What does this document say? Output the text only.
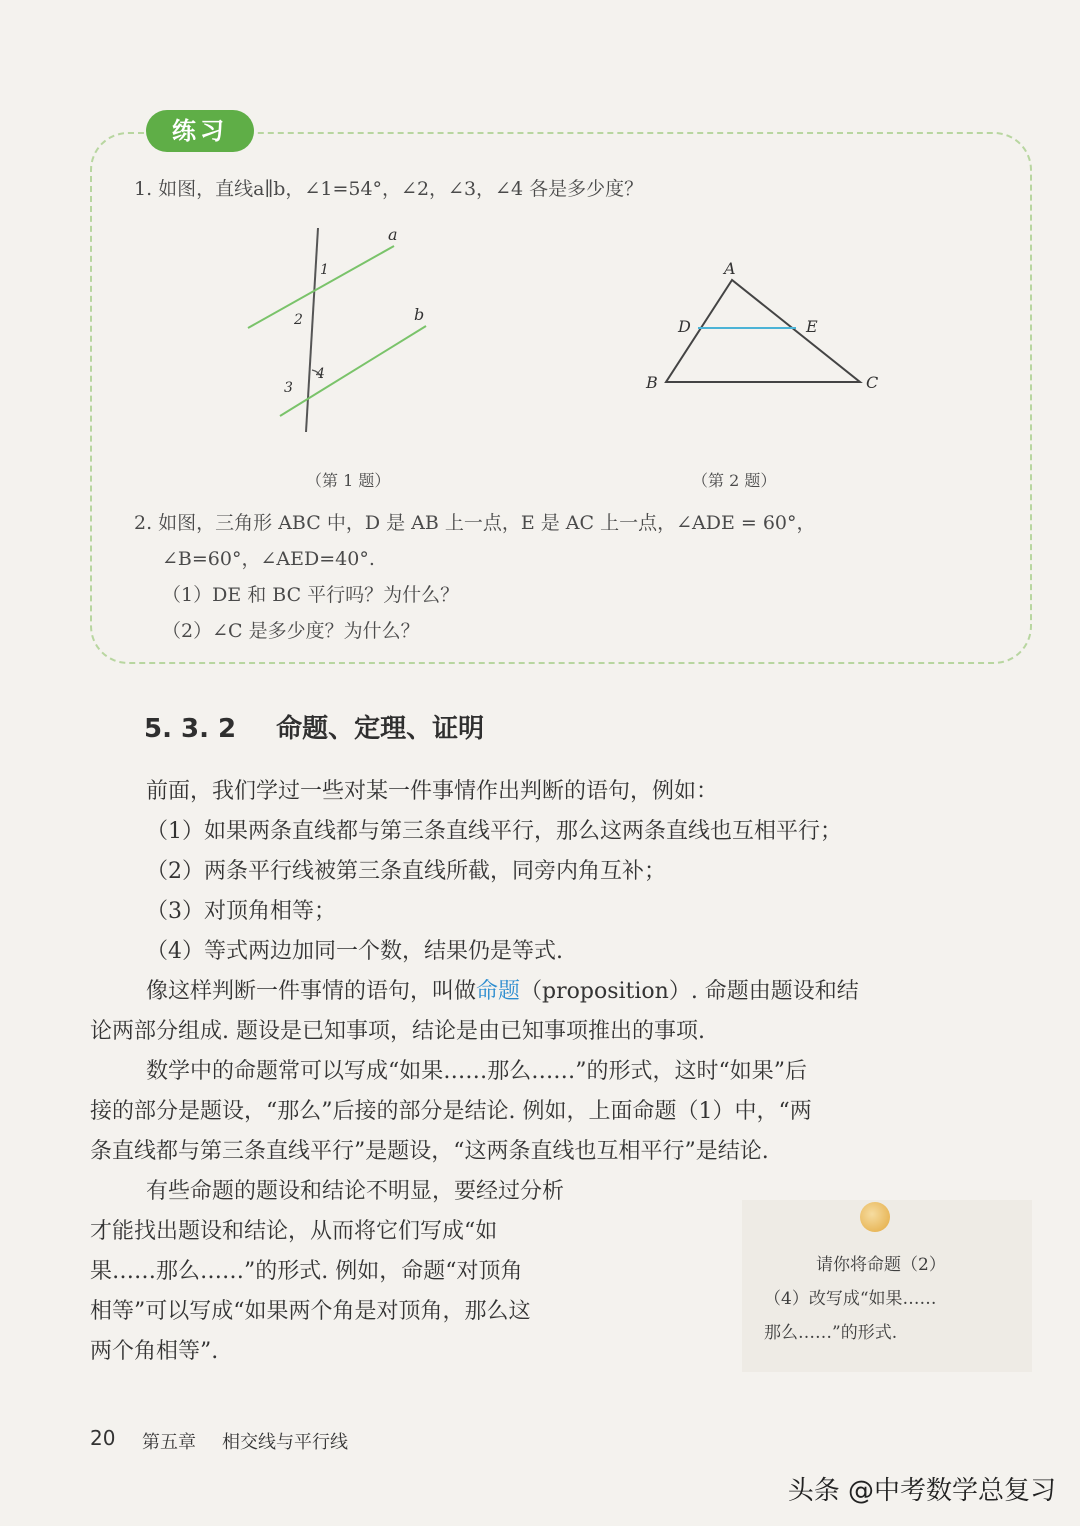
练习
1. 如图，直线a∥b，∠1=54°，∠2，∠3，∠4 各是多少度？
a
b
1
2
3
4
（第 1 题）
A
B	C
D	E
（第 2 题）
2. 如图，三角形 ABC 中，D 是 AB 上一点，E 是 AC 上一点，∠ADE = 60°，
∠B=60°，∠AED=40°.
（1）DE 和 BC 平行吗？为什么？
（2）∠C 是多少度？为什么？
5. 3. 2 命题、定理、证明
前面，我们学过一些对某一件事情作出判断的语句，例如：
（1）如果两条直线都与第三条直线平行，那么这两条直线也互相平行；
（2）两条平行线被第三条直线所截，同旁内角互补；
（3）对顶角相等；
（4）等式两边加同一个数，结果仍是等式.
像这样判断一件事情的语句，叫做命题（proposition）. 命题由题设和结
论两部分组成. 题设是已知事项，结论是由已知事项推出的事项.
数学中的命题常可以写成“如果……那么……”的形式，这时“如果”后
接的部分是题设，“那么”后接的部分是结论. 例如，上面命题（1）中，“两
条直线都与第三条直线平行”是题设，“这两条直线也互相平行”是结论.
有些命题的题设和结论不明显，要经过分析
才能找出题设和结论，从而将它们写成“如
果……那么……”的形式. 例如，命题“对顶角
相等”可以写成“如果两个角是对顶角，那么这
两个角相等”.
请你将命题（2）
（4）改写成“如果……
那么……”的形式.
20 第五章 相交线与平行线
头条 @中考数学总复习
